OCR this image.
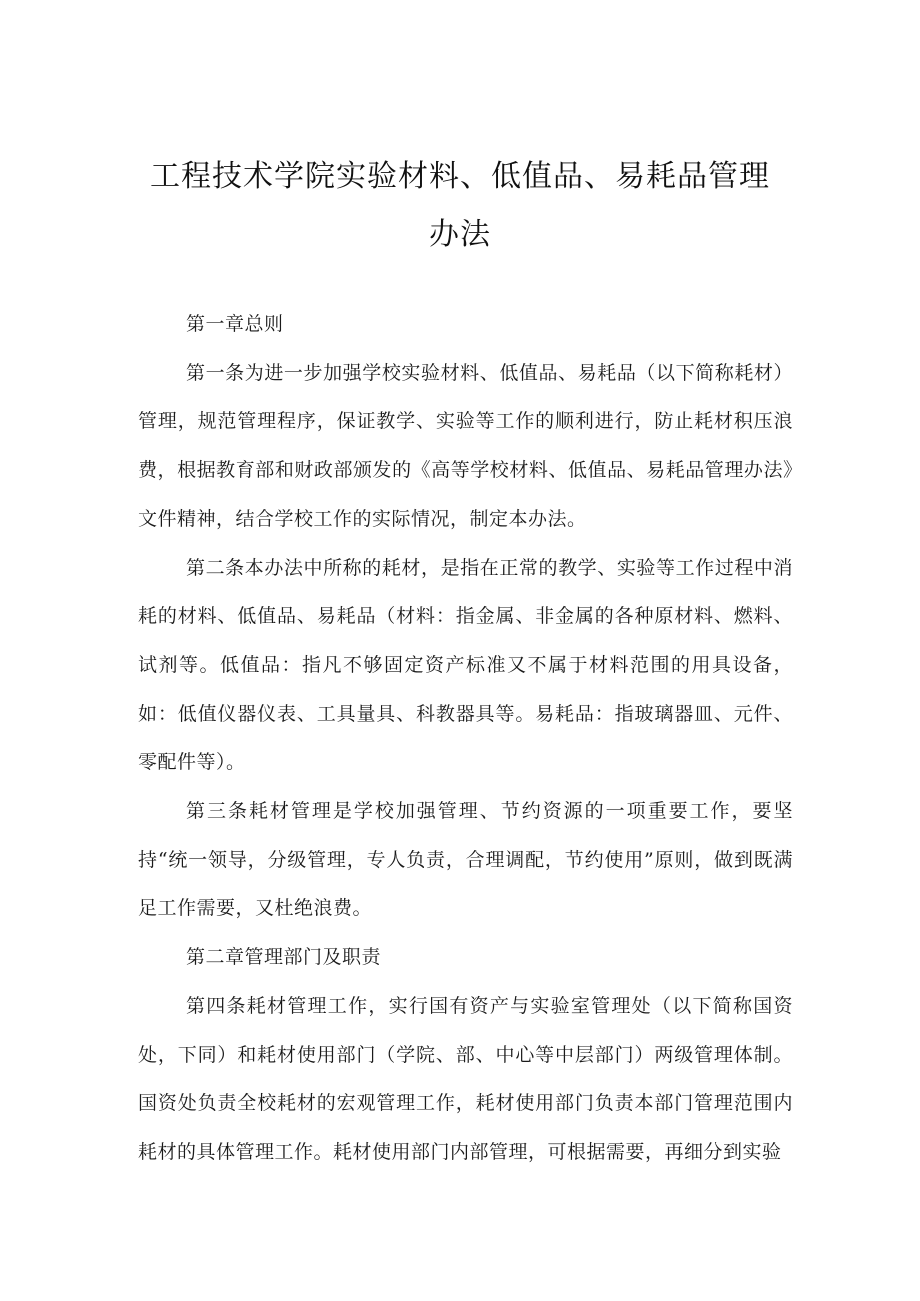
工程技术学院实验材料、低值品、易耗品管理
办法

第一章总则

第一条为进一步加强学校实验材料、低值品、易耗品（以下简称耗材）管理，规范管理程序，保证教学、实验等工作的顺利进行，防止耗材积压浪费，根据教育部和财政部颁发的《高等学校材料、低值品、易耗品管理办法》文件精神，结合学校工作的实际情况，制定本办法。

第二条本办法中所称的耗材，是指在正常的教学、实验等工作过程中消耗的材料、低值品、易耗品（材料：指金属、非金属的各种原材料、燃料、试剂等。低值品：指凡不够固定资产标准又不属于材料范围的用具设备，如：低值仪器仪表、工具量具、科教器具等。易耗品：指玻璃器皿、元件、零配件等）。

第三条耗材管理是学校加强管理、节约资源的一项重要工作，要坚持“统一领导，分级管理，专人负责，合理调配，节约使用”原则，做到既满足工作需要，又杜绝浪费。

第二章管理部门及职责

第四条耗材管理工作，实行国有资产与实验室管理处（以下简称国资处，下同）和耗材使用部门（学院、部、中心等中层部门）两级管理体制。国资处负责全校耗材的宏观管理工作，耗材使用部门负责本部门管理范围内耗材的具体管理工作。耗材使用部门内部管理，可根据需要，再细分到实验
